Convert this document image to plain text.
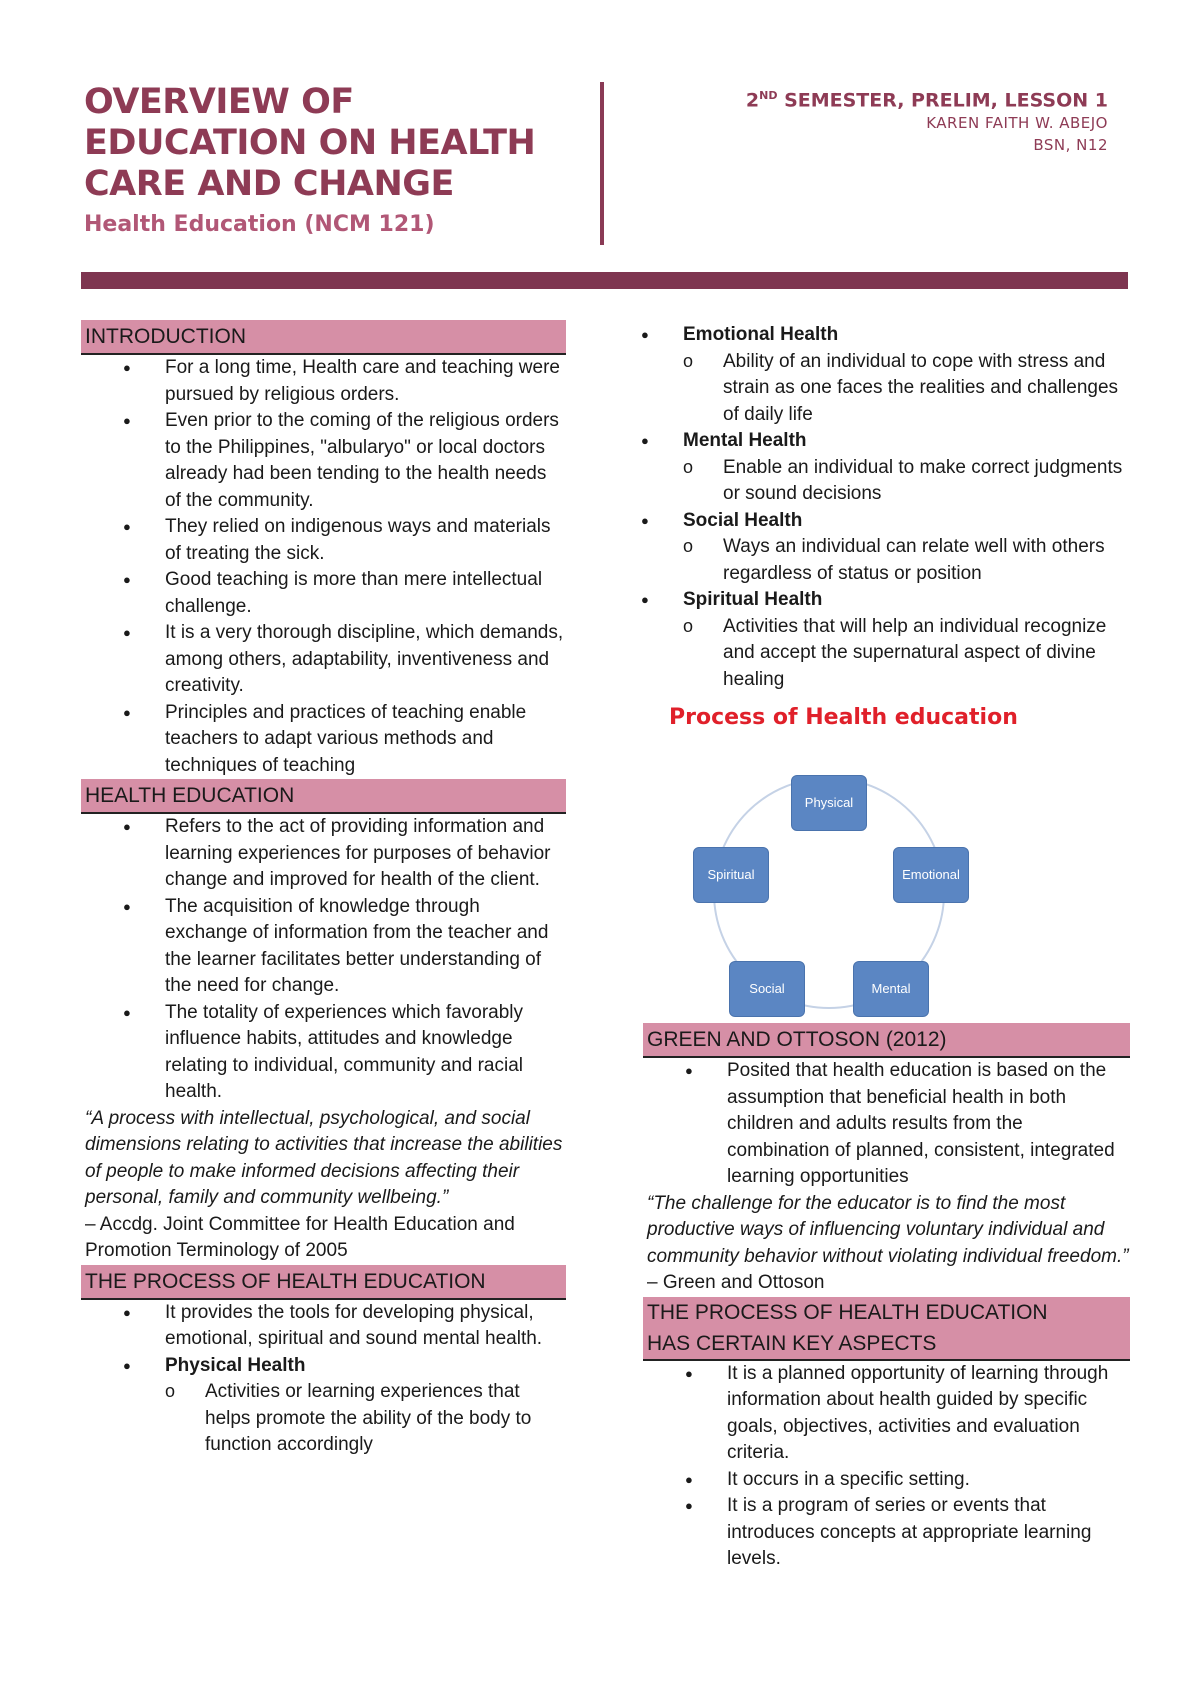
OVERVIEW OF
EDUCATION ON HEALTH
CARE AND CHANGE
Health Education (NCM 121)
2ND SEMESTER, PRELIM, LESSON 1
KAREN FAITH W. ABEJO
BSN, N12
INTRODUCTION
● For a long time, Health care and teaching were pursued by religious orders.
● Even prior to the coming of the religious orders to the Philippines, "albularyo" or local doctors already had been tending to the health needs of the community.
● They relied on indigenous ways and materials of treating the sick.
● Good teaching is more than mere intellectual challenge.
● It is a very thorough discipline, which demands, among others, adaptability, inventiveness and creativity.
● Principles and practices of teaching enable teachers to adapt various methods and techniques of teaching
HEALTH EDUCATION
● Refers to the act of providing information and learning experiences for purposes of behavior change and improved for health of the client.
● The acquisition of knowledge through exchange of information from the teacher and the learner facilitates better understanding of the need for change.
● The totality of experiences which favorably influence habits, attitudes and knowledge relating to individual, community and racial health.

“A process with intellectual, psychological, and social dimensions relating to activities that increase the abilities of people to make informed decisions affecting their personal, family and community wellbeing.”

– Accdg. Joint Committee for Health Education and Promotion Terminology of 2005

THE PROCESS OF HEALTH EDUCATION
● It provides the tools for developing physical, emotional, spiritual and sound mental health.
● Physical Health
o Activities or learning experiences that helps promote the ability of the body to function accordingly
● Emotional Health
o Ability of an individual to cope with stress and strain as one faces the realities and challenges of daily life
● Mental Health
o Enable an individual to make correct judgments or sound decisions
● Social Health
o Ways an individual can relate well with others regardless of status or position
● Spiritual Health
o Activities that will help an individual recognize and accept the supernatural aspect of divine healing
Process of Health education
Physical
Emotional
Mental
Social
Spiritual
GREEN AND OTTOSON (2012)
● Posited that health education is based on the assumption that beneficial health in both children and adults results from the combination of planned, consistent, integrated learning opportunities

“The challenge for the educator is to find the most productive ways of influencing voluntary individual and community behavior without violating individual freedom.” – Green and Ottoson

THE PROCESS OF HEALTH EDUCATION
HAS CERTAIN KEY ASPECTS
● It is a planned opportunity of learning through information about health guided by specific goals, objectives, activities and evaluation criteria.
● It occurs in a specific setting.
● It is a program of series or events that introduces concepts at appropriate learning levels.
